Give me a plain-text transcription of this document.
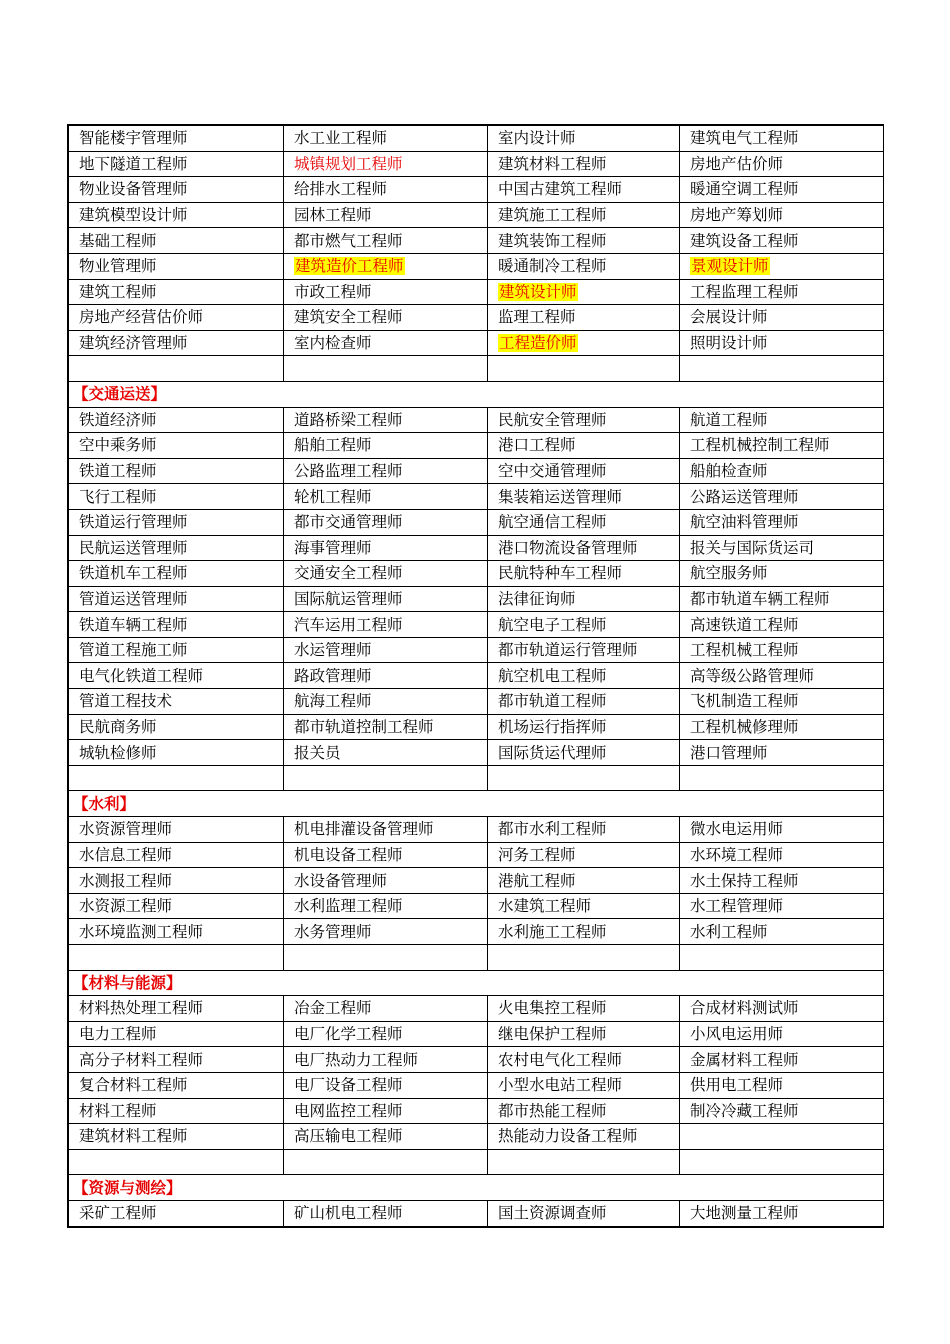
智能楼宇管理师	水工业工程师	室内设计师	建筑电气工程师
地下隧道工程师	城镇规划工程师	建筑材料工程师	房地产估价师
物业设备管理师	给排水工程师	中国古建筑工程师	暖通空调工程师
建筑模型设计师	园林工程师	建筑施工工程师	房地产筹划师
基础工程师	都市燃气工程师	建筑装饰工程师	建筑设备工程师
物业管理师	建筑造价工程师	暖通制冷工程师	景观设计师
建筑工程师	市政工程师	建筑设计师	工程监理工程师
房地产经营估价师	建筑安全工程师	监理工程师	会展设计师
建筑经济管理师	室内检查师	工程造价师	照明设计师

【交通运送】			
铁道经济师	道路桥梁工程师	民航安全管理师	航道工程师
空中乘务师	船舶工程师	港口工程师	工程机械控制工程师
铁道工程师	公路监理工程师	空中交通管理师	船舶检查师
飞行工程师	轮机工程师	集装箱运送管理师	公路运送管理师
铁道运行管理师	都市交通管理师	航空通信工程师	航空油料管理师
民航运送管理师	海事管理师	港口物流设备管理师	报关与国际货运司
铁道机车工程师	交通安全工程师	民航特种车工程师	航空服务师
管道运送管理师	国际航运管理师	法律征询师	都市轨道车辆工程师
铁道车辆工程师	汽车运用工程师	航空电子工程师	高速铁道工程师
管道工程施工师	水运管理师	都市轨道运行管理师	工程机械工程师
电气化铁道工程师	路政管理师	航空机电工程师	高等级公路管理师
管道工程技术	航海工程师	都市轨道工程师	飞机制造工程师
民航商务师	都市轨道控制工程师	机场运行指挥师	工程机械修理师
城轨检修师	报关员	国际货运代理师	港口管理师

【水利】			
水资源管理师	机电排灌设备管理师	都市水利工程师	微水电运用师
水信息工程师	机电设备工程师	河务工程师	水环境工程师
水测报工程师	水设备管理师	港航工程师	水土保持工程师
水资源工程师	水利监理工程师	水建筑工程师	水工程管理师
水环境监测工程师	水务管理师	水利施工工程师	水利工程师

【材料与能源】			
材料热处理工程师	冶金工程师	火电集控工程师	合成材料测试师
电力工程师	电厂化学工程师	继电保护工程师	小风电运用师
高分子材料工程师	电厂热动力工程师	农村电气化工程师	金属材料工程师
复合材料工程师	电厂设备工程师	小型水电站工程师	供用电工程师
材料工程师	电网监控工程师	都市热能工程师	制冷冷藏工程师
建筑材料工程师	高压输电工程师	热能动力设备工程师	

【资源与测绘】			
采矿工程师	矿山机电工程师	国土资源调查师	大地测量工程师
